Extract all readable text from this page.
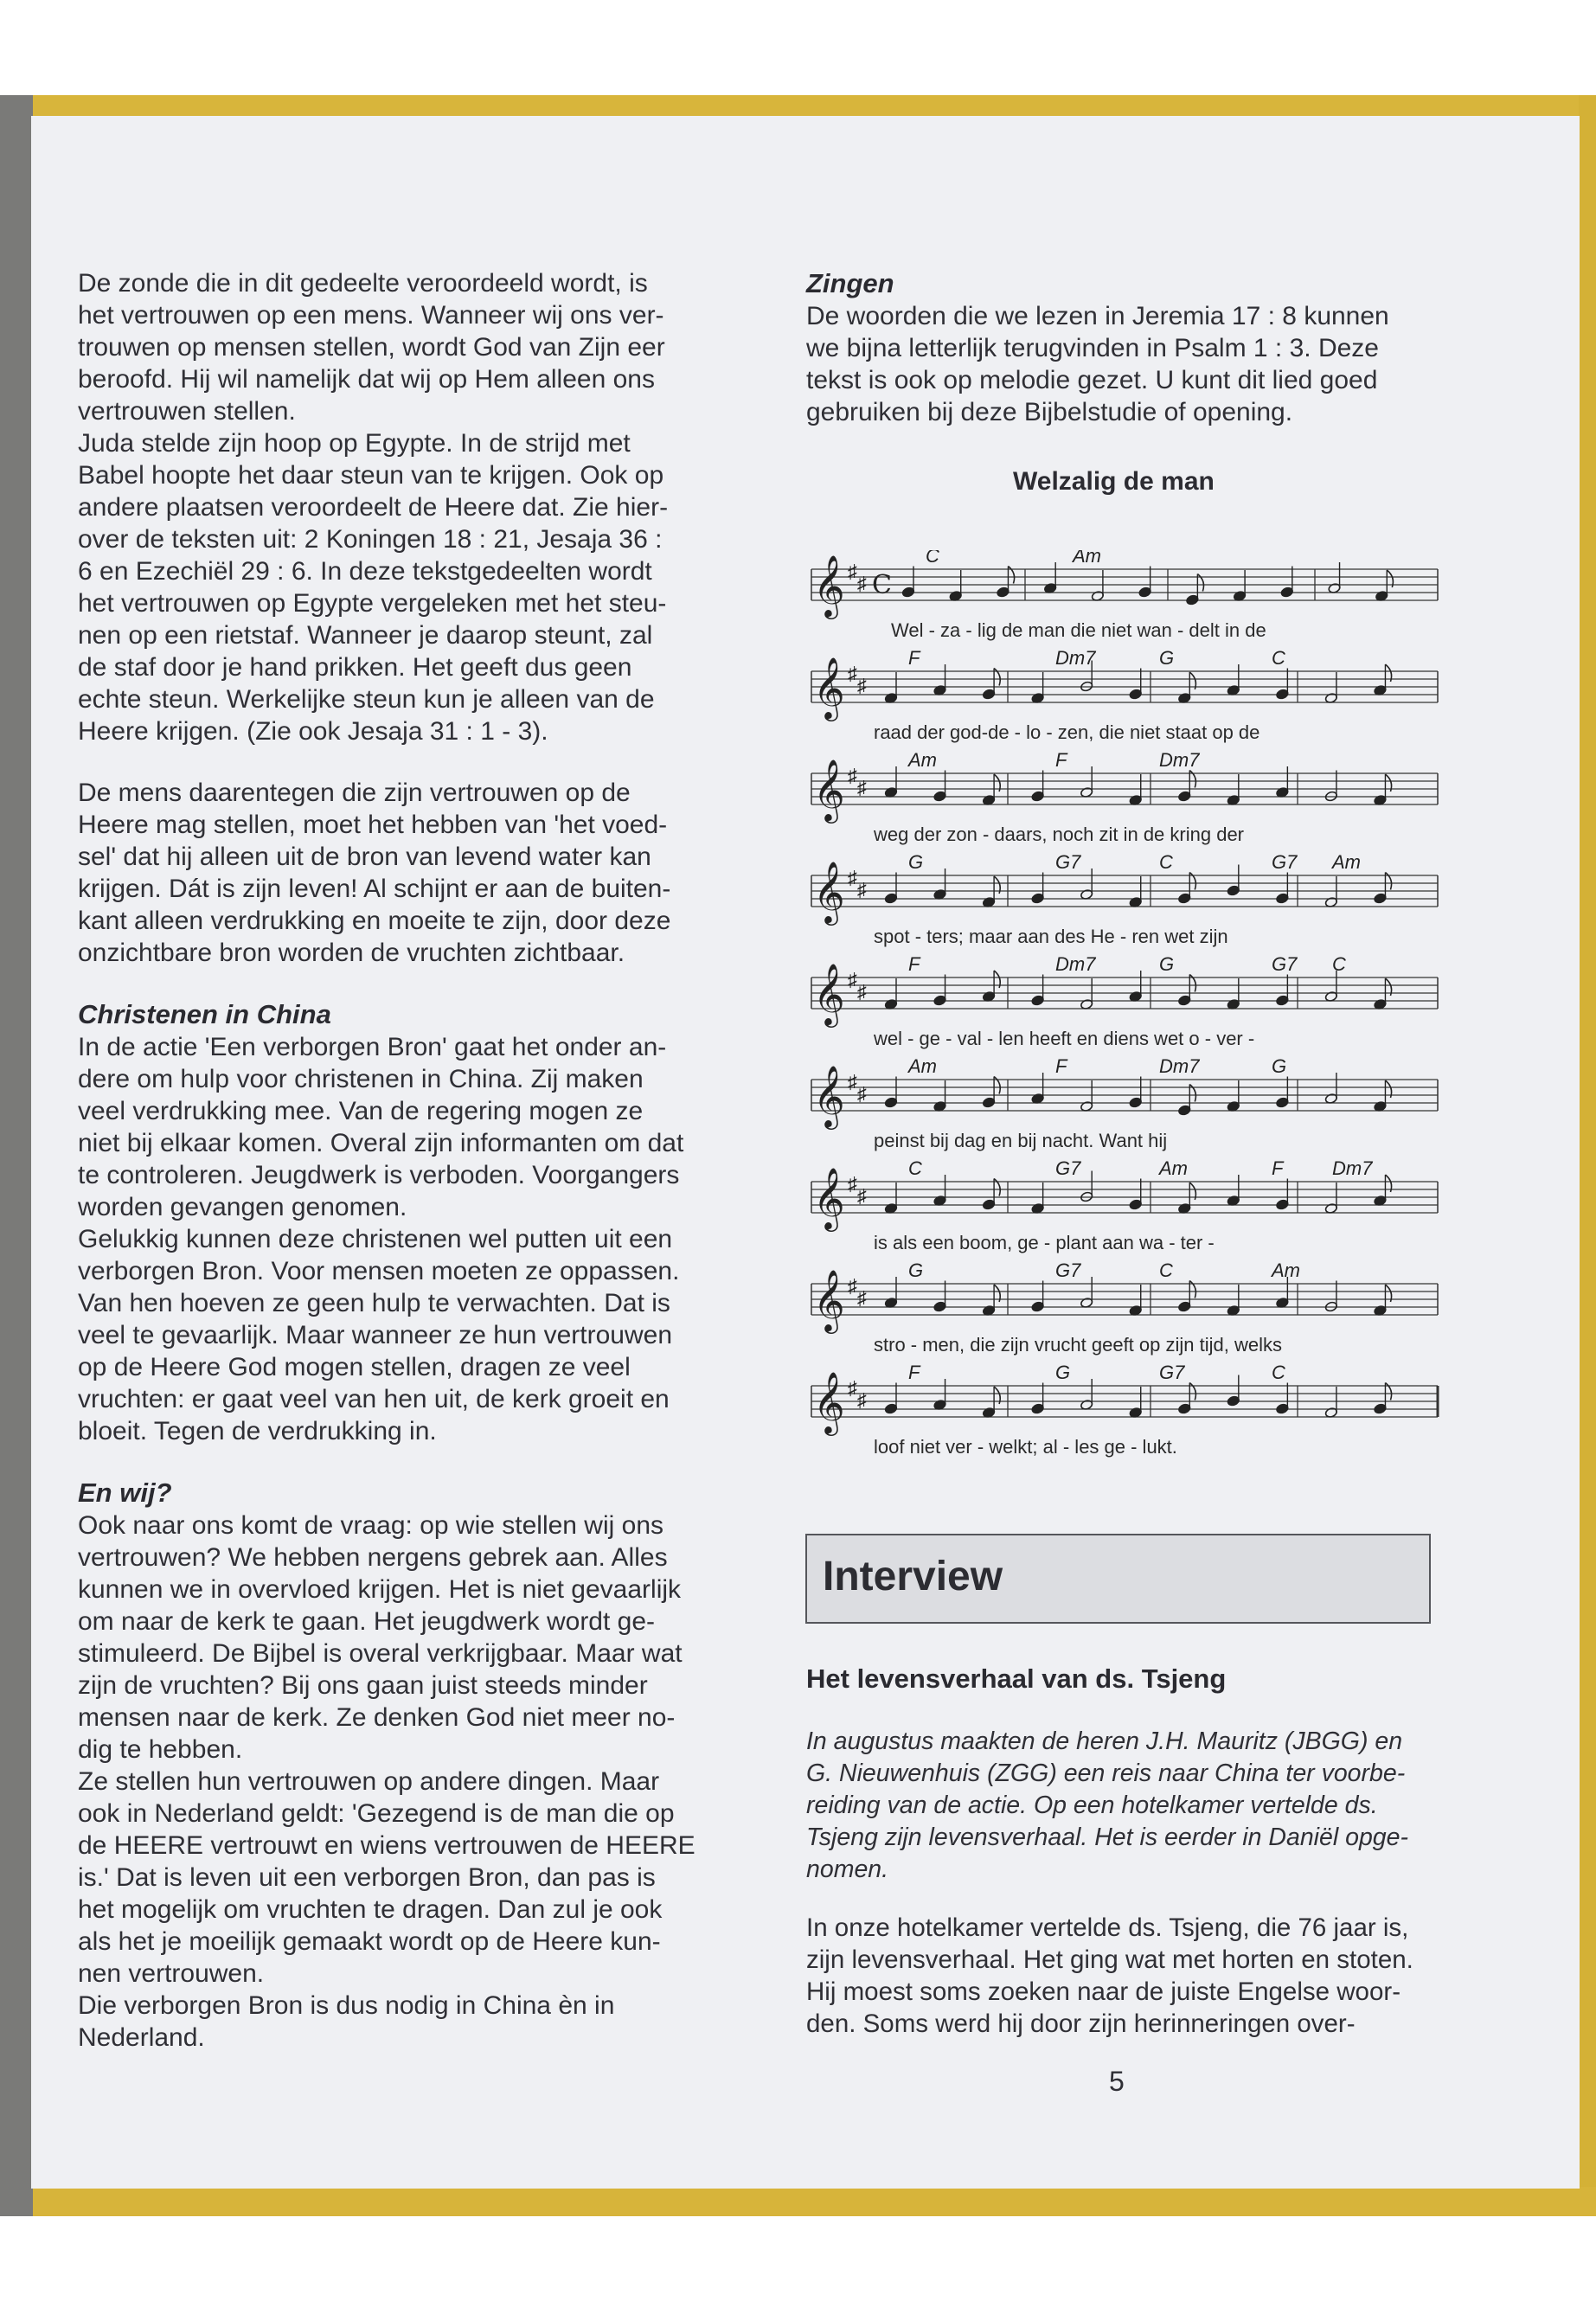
De zonde die in dit gedeelte veroordeeld wordt, is

het vertrouwen op een mens. Wanneer wij ons ver-

trouwen op mensen stellen, wordt God van Zijn eer

beroofd. Hij wil namelijk dat wij op Hem alleen ons

vertrouwen stellen.

Juda stelde zijn hoop op Egypte. In de strijd met

Babel hoopte het daar steun van te krijgen. Ook op

andere plaatsen veroordeelt de Heere dat. Zie hier-

over de teksten uit: 2 Koningen 18 : 21, Jesaja 36 :

6 en Ezechiël 29 : 6. In deze tekstgedeelten wordt

het vertrouwen op Egypte vergeleken met het steu-

nen op een rietstaf. Wanneer je daarop steunt, zal

de staf door je hand prikken. Het geeft dus geen

echte steun. Werkelijke steun kun je alleen van de

Heere krijgen. (Zie ook Jesaja 31 : 1 - 3).

De mens daarentegen die zijn vertrouwen op de

Heere mag stellen, moet het hebben van 'het voed-

sel' dat hij alleen uit de bron van levend water kan

krijgen. Dát is zijn leven! Al schijnt er aan de buiten-

kant alleen verdrukking en moeite te zijn, door deze

onzichtbare bron worden de vruchten zichtbaar.

Christenen in China

In de actie 'Een verborgen Bron' gaat het onder an-

dere om hulp voor christenen in China. Zij maken

veel verdrukking mee. Van de regering mogen ze

niet bij elkaar komen. Overal zijn informanten om dat

te controleren. Jeugdwerk is verboden. Voorgangers

worden gevangen genomen.

Gelukkig kunnen deze christenen wel putten uit een

verborgen Bron. Voor mensen moeten ze oppassen.

Van hen hoeven ze geen hulp te verwachten. Dat is

veel te gevaarlijk. Maar wanneer ze hun vertrouwen

op de Heere God mogen stellen, dragen ze veel

vruchten: er gaat veel van hen uit, de kerk groeit en

bloeit. Tegen de verdrukking in.

En wij?

Ook naar ons komt de vraag: op wie stellen wij ons

vertrouwen? We hebben nergens gebrek aan. Alles

kunnen we in overvloed krijgen. Het is niet gevaarlijk

om naar de kerk te gaan. Het jeugdwerk wordt ge-

stimuleerd. De Bijbel is overal verkrijgbaar. Maar wat

zijn de vruchten? Bij ons gaan juist steeds minder

mensen naar de kerk. Ze denken God niet meer no-

dig te hebben.

Ze stellen hun vertrouwen op andere dingen. Maar

ook in Nederland geldt: 'Gezegend is de man die op

de HEERE vertrouwt en wiens vertrouwen de HEERE

is.' Dat is leven uit een verborgen Bron, dan pas is

het mogelijk om vruchten te dragen. Dan zul je ook

als het je moeilijk gemaakt wordt op de Heere kun-

nen vertrouwen.

Die verborgen Bron is dus nodig in China èn in

Nederland.

Zingen

De woorden die we lezen in Jeremia 17 : 8 kunnen

we bijna letterlijk terugvinden in Psalm 1 : 3. Deze

tekst is ook op melodie gezet. U kunt dit lied goed

gebruiken bij deze Bijbelstudie of opening.

Welzalig de man
𝄞 ♯
♯ C
C	Am
Wel - za - lig de man die niet wan - delt in de
𝄞 ♯
♯
F	Dm7	G	C
raad der god-de - lo - zen, die niet staat op de
𝄞 ♯
♯
Am	F	Dm7
weg der zon - daars, noch zit in de kring der
𝄞 ♯
♯
G	G7	C	G7 Am
spot - ters; maar aan des He - ren wet zijn
𝄞 ♯
♯
F	Dm7	G	G7 C
wel - ge - val - len heeft en diens wet o - ver -
𝄞 ♯
♯
Am	F	Dm7	G
peinst bij dag en bij nacht. Want hij
𝄞 ♯
♯
C	G7	Am	F	Dm7
is als een boom, ge - plant aan wa - ter -
𝄞 ♯
♯
G	G7	C	Am
stro - men, die zijn vrucht geeft op zijn tijd, welks
𝄞 ♯
♯
F	G	G7	C
loof niet ver - welkt; al - les ge - lukt.
Interview
Het levensverhaal van ds. Tsjeng

In augustus maakten de heren J.H. Mauritz (JBGG) en

G. Nieuwenhuis (ZGG) een reis naar China ter voorbe-

reiding van de actie. Op een hotelkamer vertelde ds.

Tsjeng zijn levensverhaal. Het is eerder in Daniël opge-

nomen.

In onze hotelkamer vertelde ds. Tsjeng, die 76 jaar is,

zijn levensverhaal. Het ging wat met horten en stoten.

Hij moest soms zoeken naar de juiste Engelse woor-

den. Soms werd hij door zijn herinneringen over-

5
